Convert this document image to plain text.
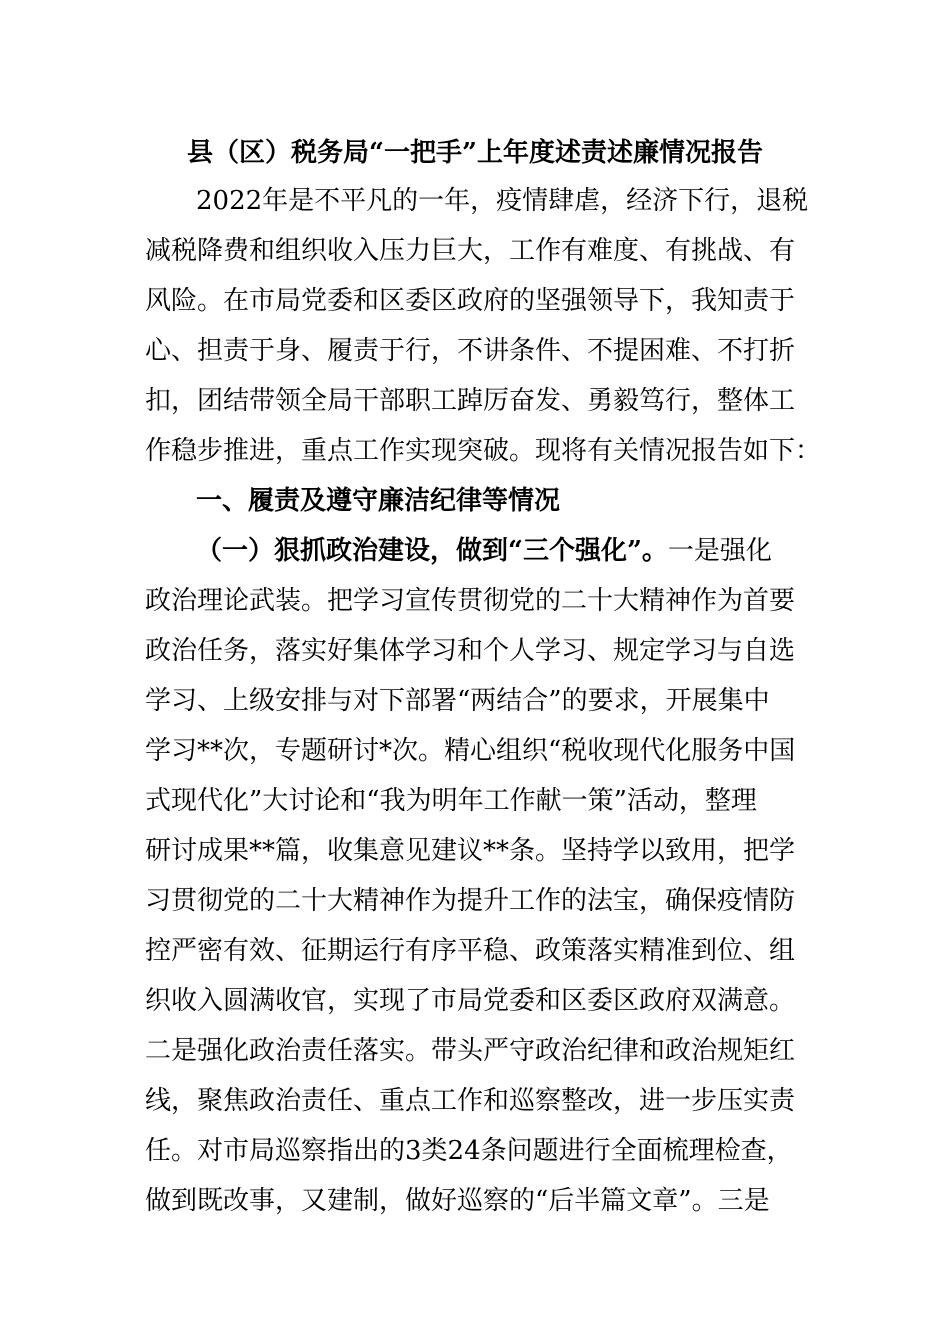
县（区）税务局“一把手”上年度述责述廉情况报告
2022年是不平凡的一年，疫情肆虐，经济下行，退税
减税降费和组织收入压力巨大，工作有难度、有挑战、有
风险。在市局党委和区委区政府的坚强领导下，我知责于
心、担责于身、履责于行，不讲条件、不提困难、不打折
扣，团结带领全局干部职工踔厉奋发、勇毅笃行，整体工
作稳步推进，重点工作实现突破。现将有关情况报告如下：
一、履责及遵守廉洁纪律等情况
（一）狠抓政治建设，做到“三个强化”。一是强化
政治理论武装。把学习宣传贯彻党的二十大精神作为首要
政治任务，落实好集体学习和个人学习、规定学习与自选
学习、上级安排与对下部署“两结合”的要求，开展集中
学习**次，专题研讨*次。精心组织“税收现代化服务中国
式现代化”大讨论和“我为明年工作献一策”活动，整理
研讨成果**篇，收集意见建议**条。坚持学以致用，把学
习贯彻党的二十大精神作为提升工作的法宝，确保疫情防
控严密有效、征期运行有序平稳、政策落实精准到位、组
织收入圆满收官，实现了市局党委和区委区政府双满意。
二是强化政治责任落实。带头严守政治纪律和政治规矩红
线，聚焦政治责任、重点工作和巡察整改，进一步压实责
任。对市局巡察指出的3类24条问题进行全面梳理检查，
做到既改事，又建制，做好巡察的“后半篇文章”。三是
